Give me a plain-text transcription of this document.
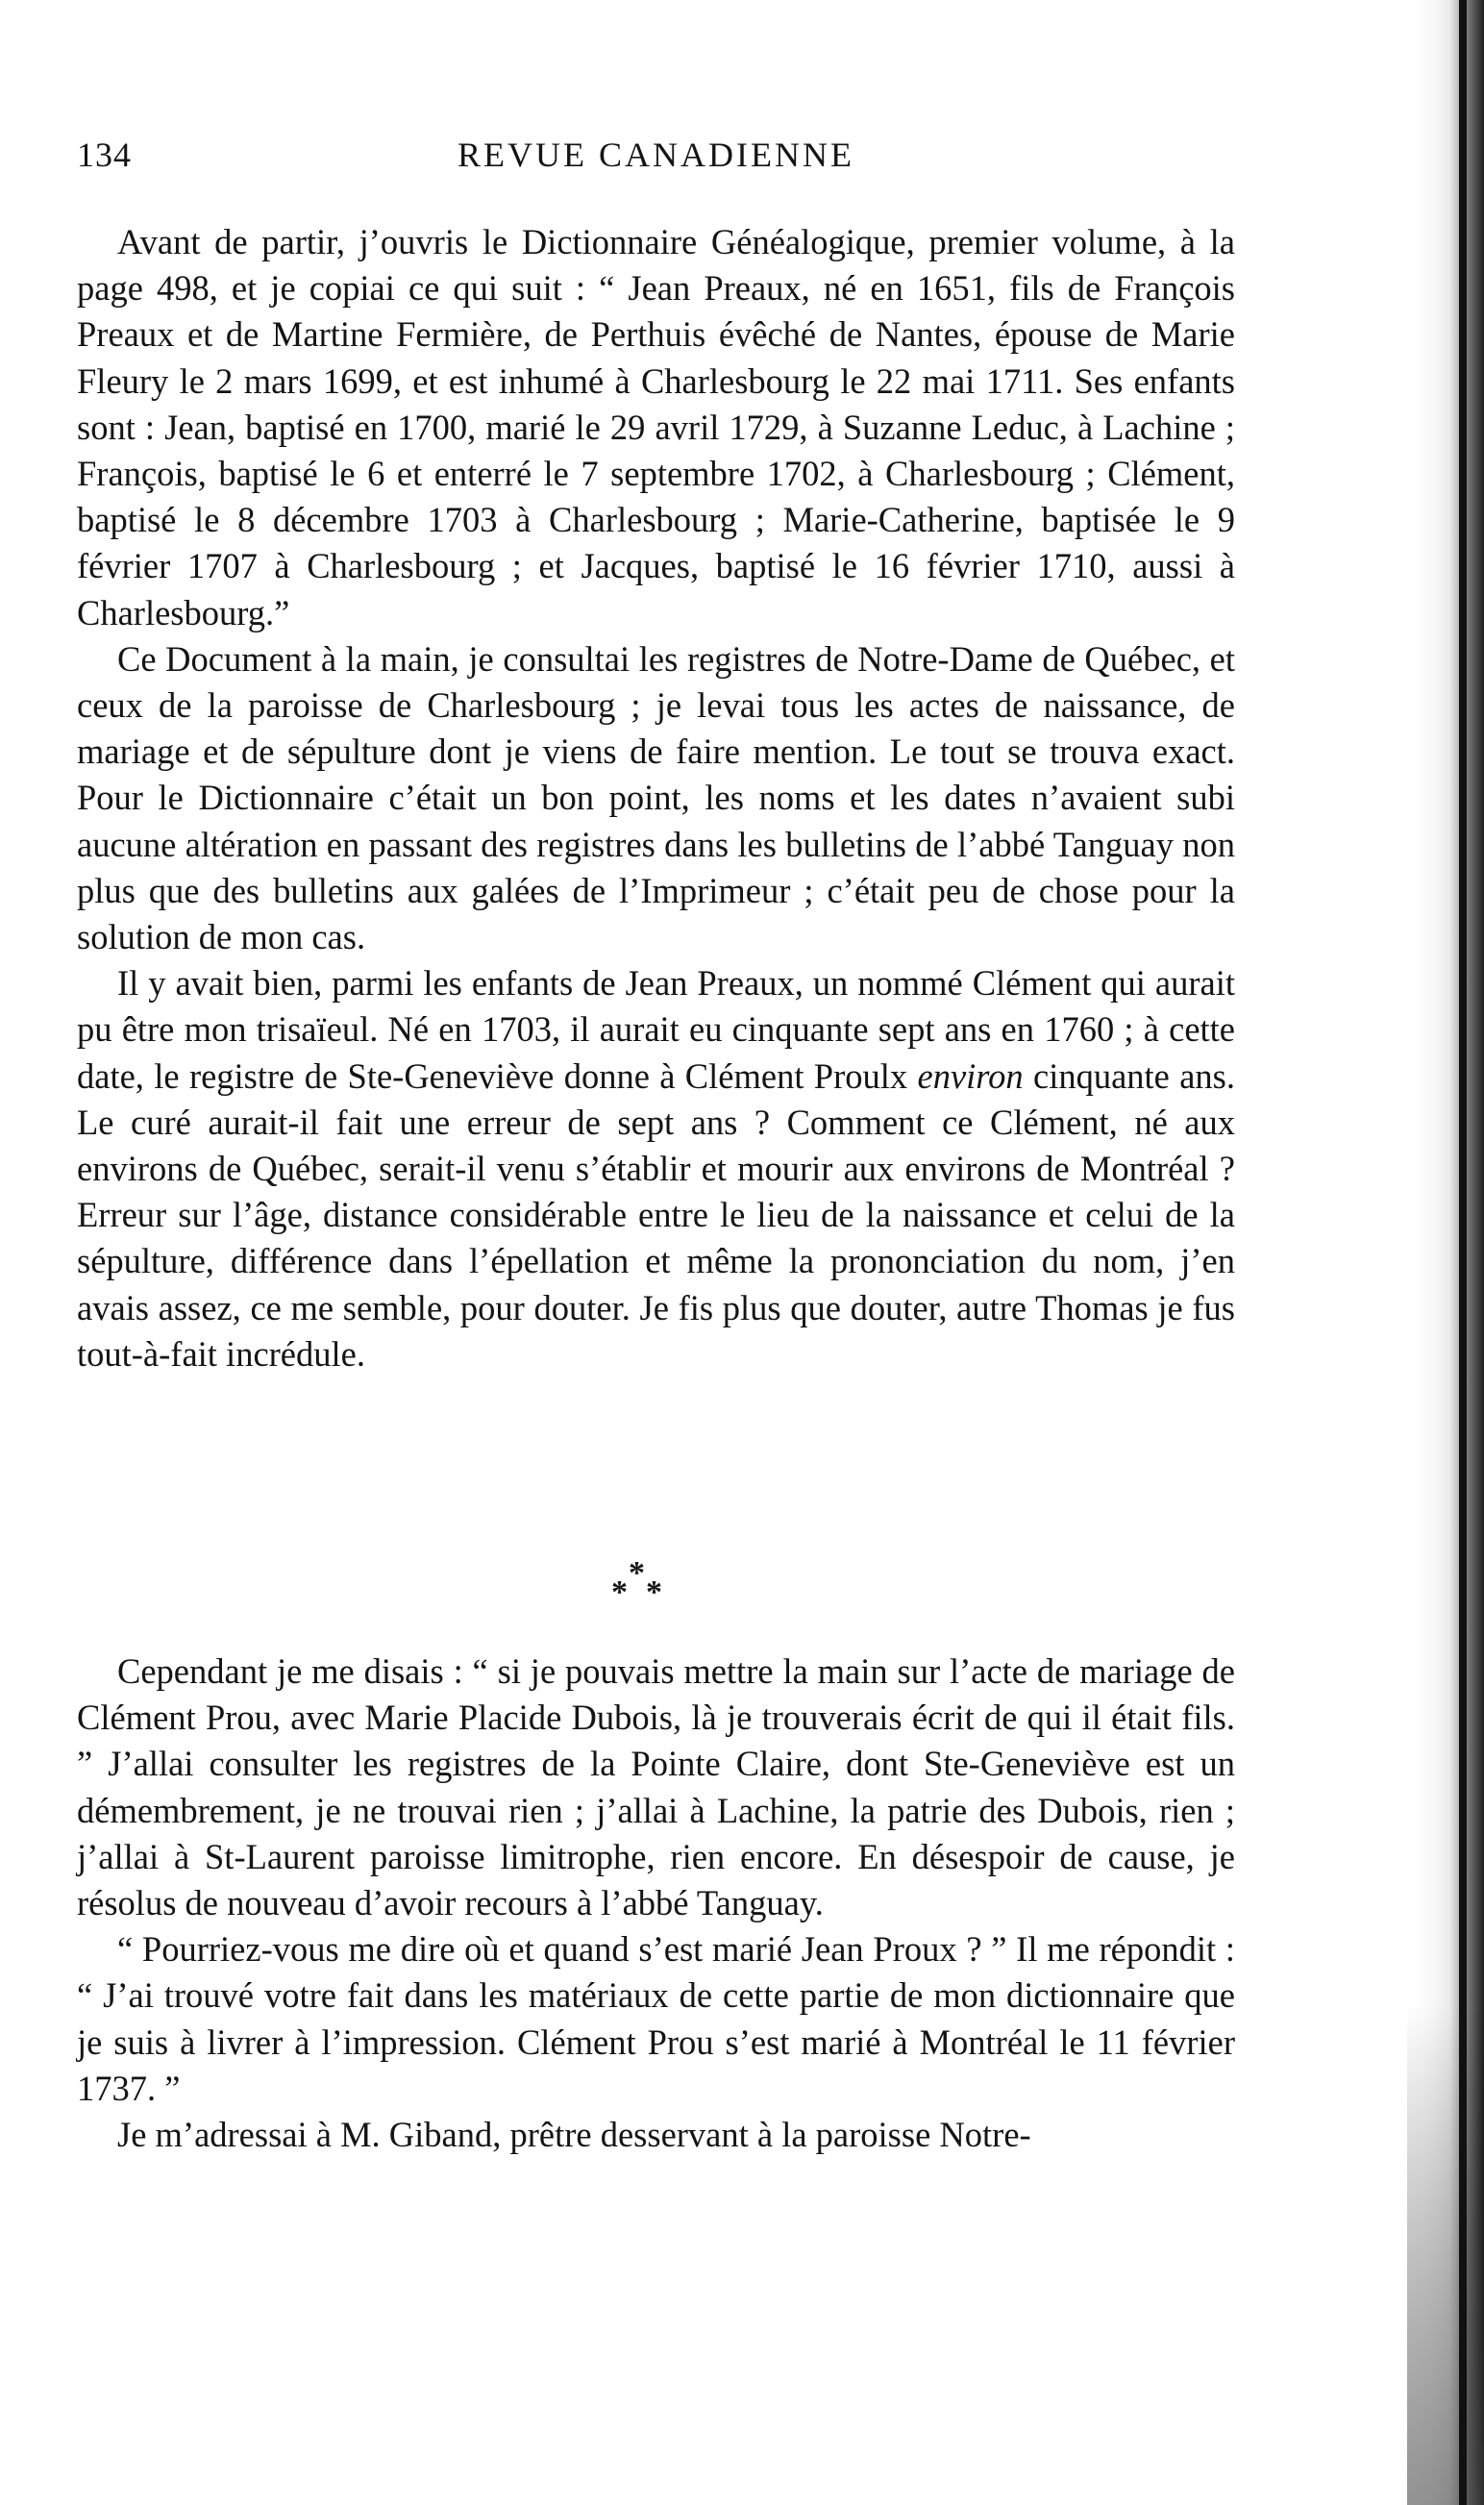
134	REVUE CANADIENNE

Avant de partir, j’ouvris le Dictionnaire Généalogique, premier volume, à la page 498, et je copiai ce qui suit : “ Jean Preaux, né en 1651, fils de François Preaux et de Martine Fermière, de Perthuis évêché de Nantes, épouse de Marie Fleury le 2 mars 1699, et est inhumé à Charlesbourg le 22 mai 1711. Ses enfants sont : Jean, baptisé en 1700, marié le 29 avril 1729, à Suzanne Leduc, à Lachine ; François, baptisé le 6 et enterré le 7 septembre 1702, à Charlesbourg ; Clément, baptisé le 8 décembre 1703 à Charlesbourg ; Marie-Catherine, baptisée le 9 février 1707 à Charlesbourg ; et Jacques, baptisé le 16 février 1710, aussi à Charlesbourg.”

Ce Document à la main, je consultai les registres de Notre-Dame de Québec, et ceux de la paroisse de Charlesbourg ; je levai tous les actes de naissance, de mariage et de sépulture dont je viens de faire mention. Le tout se trouva exact. Pour le Dictionnaire c’était un bon point, les noms et les dates n’avaient subi aucune altération en passant des registres dans les bulletins de l’abbé Tanguay non plus que des bulletins aux galées de l’Imprimeur ; c’était peu de chose pour la solution de mon cas.

Il y avait bien, parmi les enfants de Jean Preaux, un nommé Clément qui aurait pu être mon trisaïeul. Né en 1703, il aurait eu cinquante sept ans en 1760 ; à cette date, le registre de Ste-Geneviève donne à Clément Proulx environ cinquante ans. Le curé aurait-il fait une erreur de sept ans ? Comment ce Clément, né aux environs de Québec, serait-il venu s’établir et mourir aux environs de Montréal ? Erreur sur l’âge, distance considérable entre le lieu de la naissance et celui de la sépulture, différence dans l’épellation et même la prononciation du nom, j’en avais assez, ce me semble, pour douter. Je fis plus que douter, autre Thomas je fus tout-à-fait incrédule.

*
* *

Cependant je me disais : “ si je pouvais mettre la main sur l’acte de mariage de Clément Prou, avec Marie Placide Dubois, là je trouverais écrit de qui il était fils. ” J’allai consulter les registres de la Pointe Claire, dont Ste-Geneviève est un démembrement, je ne trouvai rien ; j’allai à Lachine, la patrie des Dubois, rien ; j’allai à St-Laurent paroisse limitrophe, rien encore. En désespoir de cause, je résolus de nouveau d’avoir recours à l’abbé Tanguay.

“ Pourriez-vous me dire où et quand s’est marié Jean Proux ? ” Il me répondit : “ J’ai trouvé votre fait dans les matériaux de cette partie de mon dictionnaire que je suis à livrer à l’impression. Clément Prou s’est marié à Montréal le 11 février 1737. ”

Je m’adressai à M. Giband, prêtre desservant à la paroisse Notre-
